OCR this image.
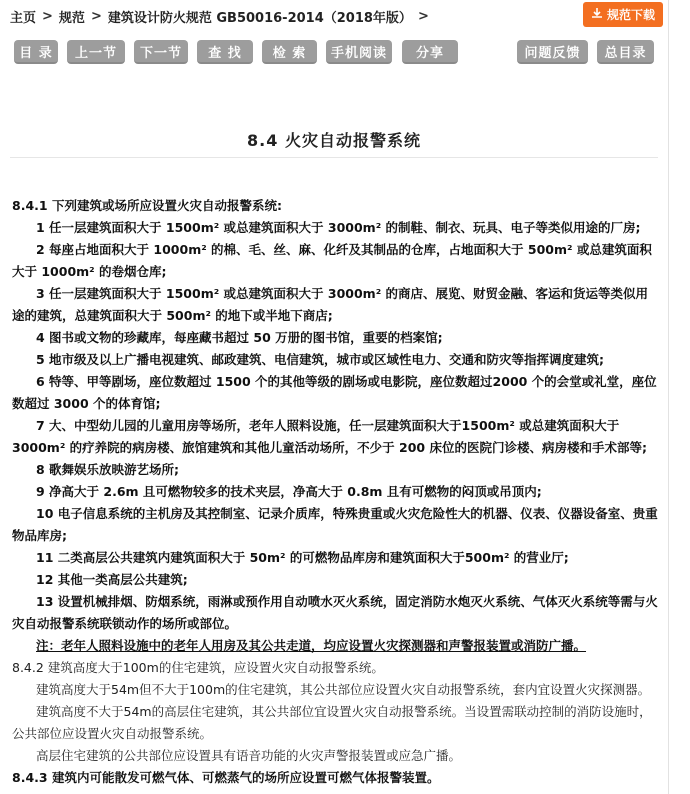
主页 > 规范 > 建筑设计防火规范 GB50016-2014（2018年版） >	规范下载
目 录	上一节	下一节	查 找	检 索	手机阅读	分享	问题反馈	总目录
8.4 火灾自动报警系统

8.4.1 下列建筑或场所应设置火灾自动报警系统:

1 任一层建筑面积大于 1500m² 或总建筑面积大于 3000m² 的制鞋、制衣、玩具、电子等类似用途的厂房;

2 每座占地面积大于 1000m² 的棉、毛、丝、麻、化纤及其制品的仓库，占地面积大于 500m² 或总建筑面积大于 1000m² 的卷烟仓库;

3 任一层建筑面积大于 1500m² 或总建筑面积大于 3000m² 的商店、展览、财贸金融、客运和货运等类似用途的建筑，总建筑面积大于 500m² 的地下或半地下商店;

4 图书或文物的珍藏库，每座藏书超过 50 万册的图书馆，重要的档案馆;

5 地市级及以上广播电视建筑、邮政建筑、电信建筑，城市或区域性电力、交通和防灾等指挥调度建筑;

6 特等、甲等剧场，座位数超过 1500 个的其他等级的剧场或电影院，座位数超过2000 个的会堂或礼堂，座位数超过 3000 个的体育馆;

7 大、中型幼儿园的儿童用房等场所，老年人照料设施，任一层建筑面积大于1500m² 或总建筑面积大于 3000m² 的疗养院的病房楼、旅馆建筑和其他儿童活动场所，不少于 200 床位的医院门诊楼、病房楼和手术部等;

8 歌舞娱乐放映游艺场所;

9 净高大于 2.6m 且可燃物较多的技术夹层，净高大于 0.8m 且有可燃物的闷顶或吊顶内;

10 电子信息系统的主机房及其控制室、记录介质库，特殊贵重或火灾危险性大的机器、仪表、仪器设备室、贵重物品库房;

11 二类高层公共建筑内建筑面积大于 50m² 的可燃物品库房和建筑面积大于500m² 的营业厅;

12 其他一类高层公共建筑;

13 设置机械排烟、防烟系统，雨淋或预作用自动喷水灭火系统，固定消防水炮灭火系统、气体灭火系统等需与火灾自动报警系统联锁动作的场所或部位。

注：老年人照料设施中的老年人用房及其公共走道，均应设置火灾探测器和声警报装置或消防广播。

8.4.2 建筑高度大于100m的住宅建筑，应设置火灾自动报警系统。

建筑高度大于54m但不大于100m的住宅建筑，其公共部位应设置火灾自动报警系统，套内宜设置火灾探测器。

建筑高度不大于54m的高层住宅建筑，其公共部位宜设置火灾自动报警系统。当设置需联动控制的消防设施时，公共部位应设置火灾自动报警系统。

高层住宅建筑的公共部位应设置具有语音功能的火灾声警报装置或应急广播。

8.4.3 建筑内可能散发可燃气体、可燃蒸气的场所应设置可燃气体报警装置。
